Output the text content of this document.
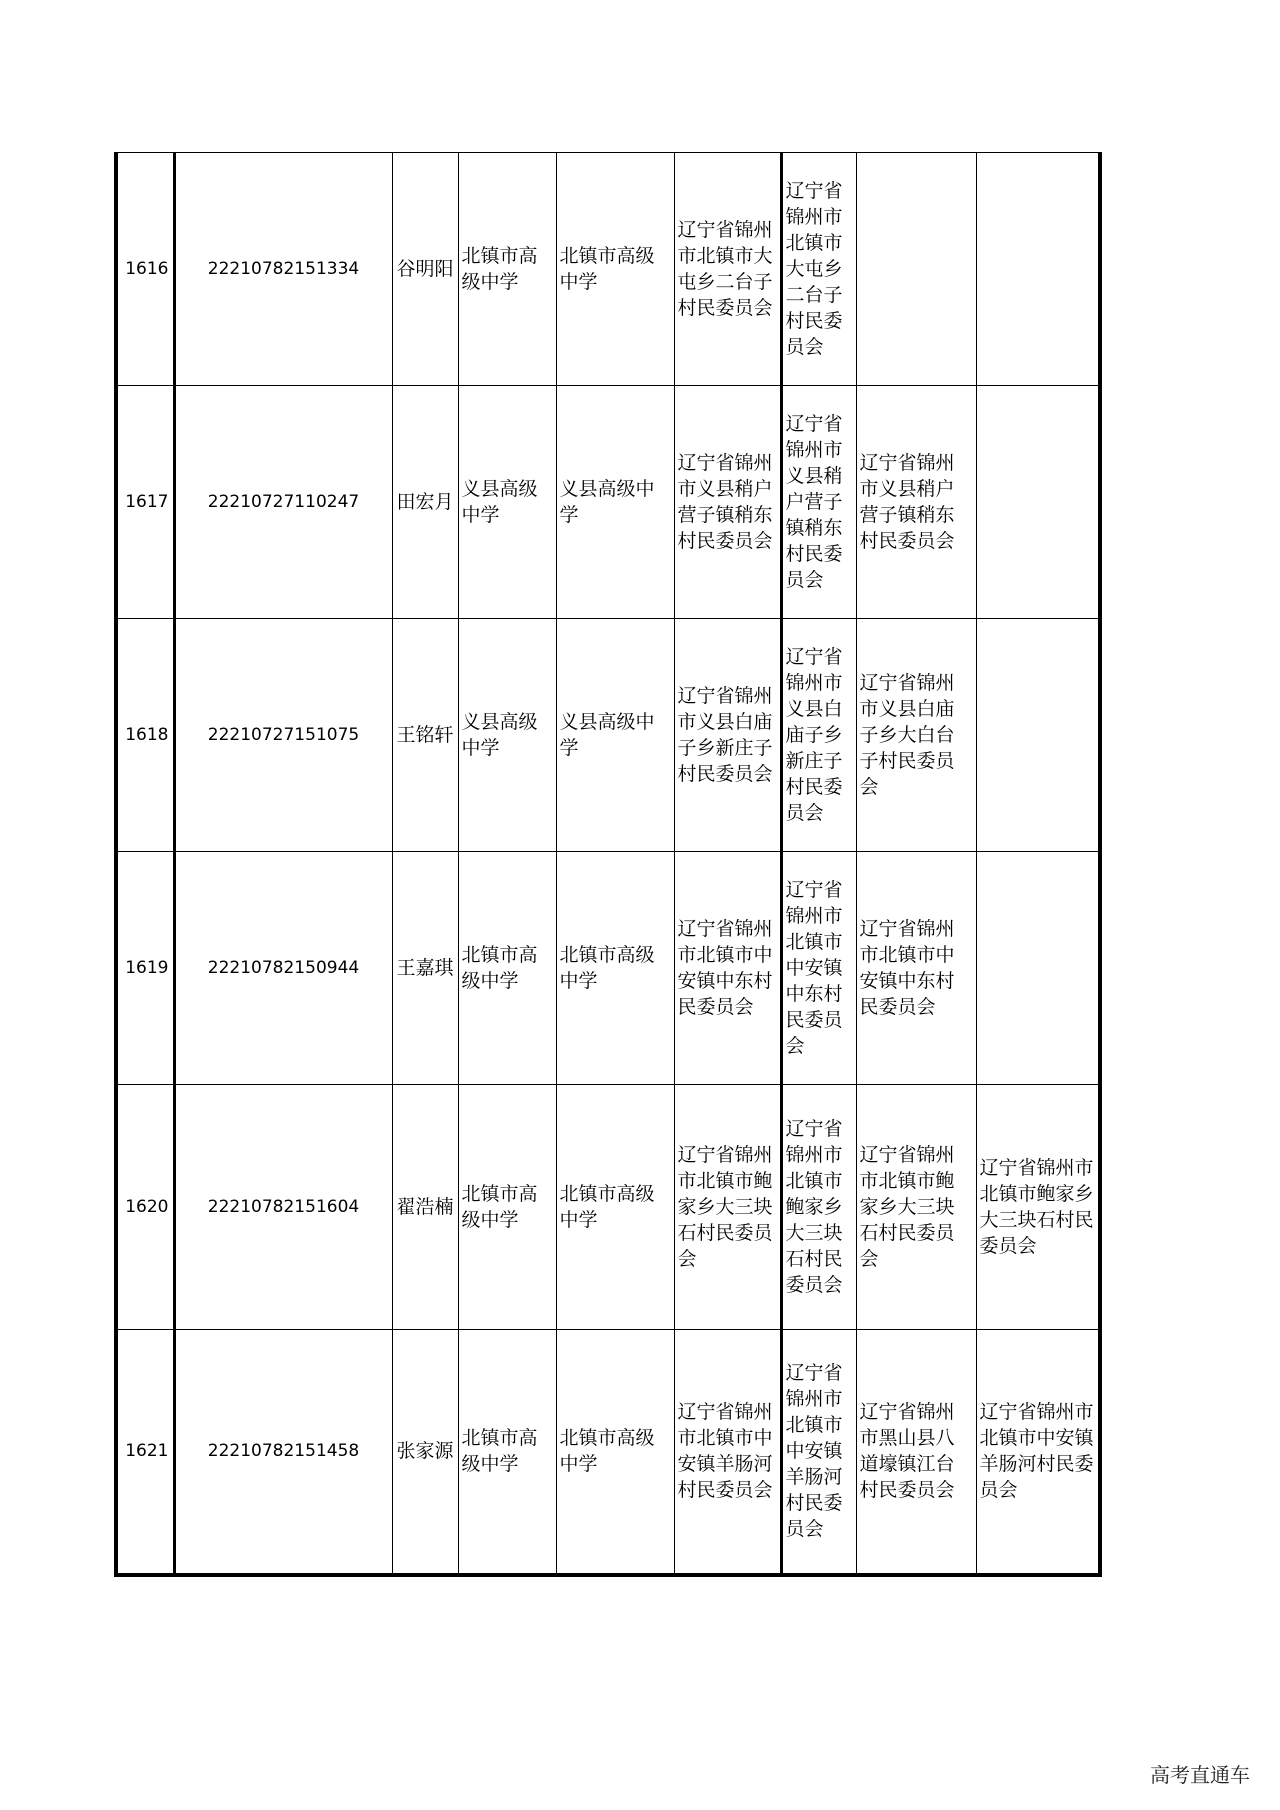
1616	22210782151334	谷明阳	北镇市高级中学	北镇市高级中学	辽宁省锦州市北镇市大屯乡二台子村民委员会	辽宁省锦州市北镇市大屯乡二台子村民委员会		
1617	22210727110247	田宏月	义县高级中学	义县高级中学	辽宁省锦州市义县稍户营子镇稍东村民委员会	辽宁省锦州市义县稍户营子镇稍东村民委员会	辽宁省锦州市义县稍户营子镇稍东村民委员会	
1618	22210727151075	王铭轩	义县高级中学	义县高级中学	辽宁省锦州市义县白庙子乡新庄子村民委员会	辽宁省锦州市义县白庙子乡新庄子村民委员会	辽宁省锦州市义县白庙子乡大白台子村民委员会	
1619	22210782150944	王嘉琪	北镇市高级中学	北镇市高级中学	辽宁省锦州市北镇市中安镇中东村民委员会	辽宁省锦州市北镇市中安镇中东村民委员会	辽宁省锦州市北镇市中安镇中东村民委员会	
1620	22210782151604	翟浩楠	北镇市高级中学	北镇市高级中学	辽宁省锦州市北镇市鲍家乡大三块石村民委员会	辽宁省锦州市北镇市鲍家乡大三块石村民委员会	辽宁省锦州市北镇市鲍家乡大三块石村民委员会	辽宁省锦州市北镇市鲍家乡大三块石村民委员会
1621	22210782151458	张家源	北镇市高级中学	北镇市高级中学	辽宁省锦州市北镇市中安镇羊肠河村民委员会	辽宁省锦州市北镇市中安镇羊肠河村民委员会	辽宁省锦州市黑山县八道壕镇江台村民委员会	辽宁省锦州市北镇市中安镇羊肠河村民委员会
高考直通车
